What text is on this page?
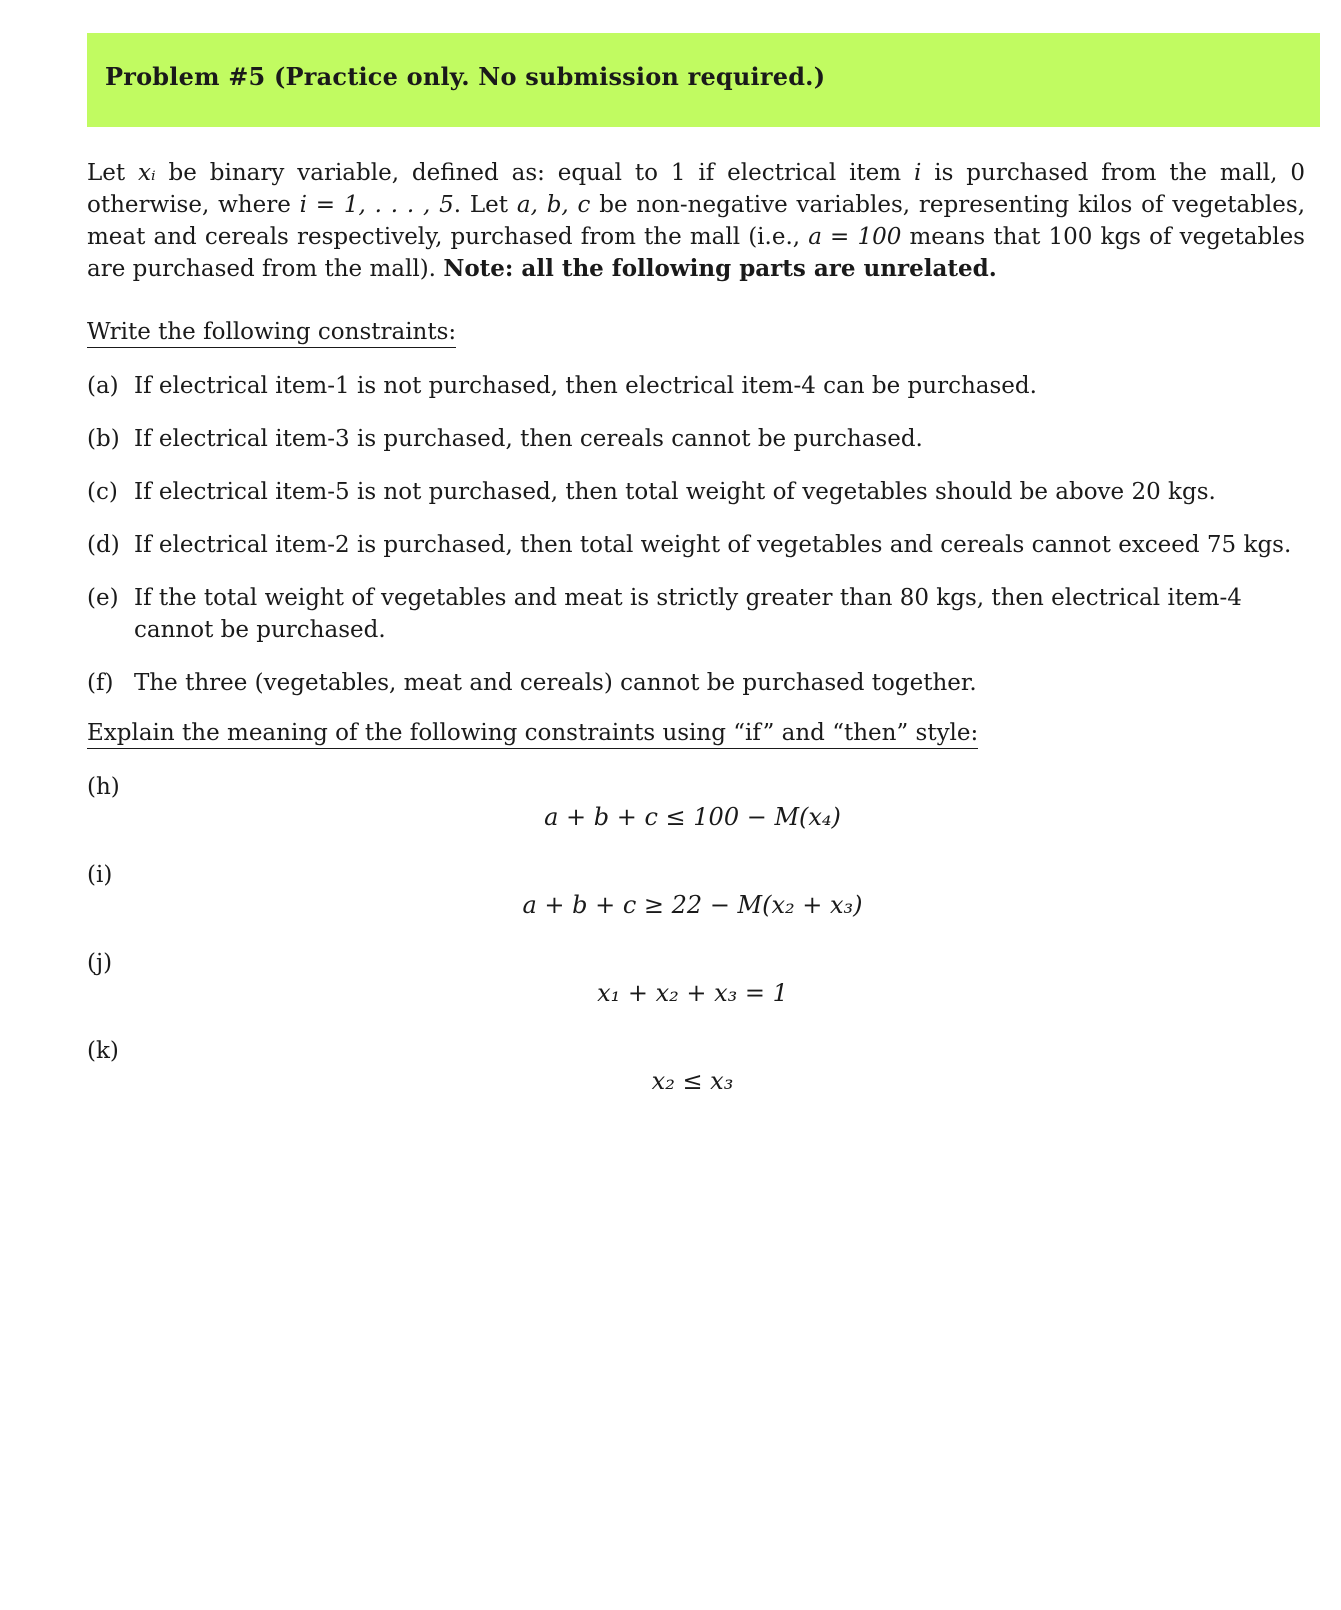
Problem #5 (Practice only. No submission required.)

Let xᵢ be binary variable, defined as: equal to 1 if electrical item i is purchased from the mall, 0 otherwise, where i = 1, . . . , 5. Let a, b, c be non-negative variables, representing kilos of vegetables, meat and cereals respectively, purchased from the mall (i.e., a = 100 means that 100 kgs of vegetables are purchased from the mall). Note: all the following parts are unrelated.

Write the following constraints:
(a) If electrical item-1 is not purchased, then electrical item-4 can be purchased.
(b) If electrical item-3 is purchased, then cereals cannot be purchased.
(c) If electrical item-5 is not purchased, then total weight of vegetables should be above 20 kgs.
(d) If electrical item-2 is purchased, then total weight of vegetables and cereals cannot exceed 75 kgs.
(e) If the total weight of vegetables and meat is strictly greater than 80 kgs, then electrical item-4 cannot be purchased.
(f) The three (vegetables, meat and cereals) cannot be purchased together.
Explain the meaning of the following constraints using “if” and “then” style:
(h)
a + b + c ≤ 100 − M(x₄)
(i)
a + b + c ≥ 22 − M(x₂ + x₃)
(j)
x₁ + x₂ + x₃ = 1
(k)
x₂ ≤ x₃
